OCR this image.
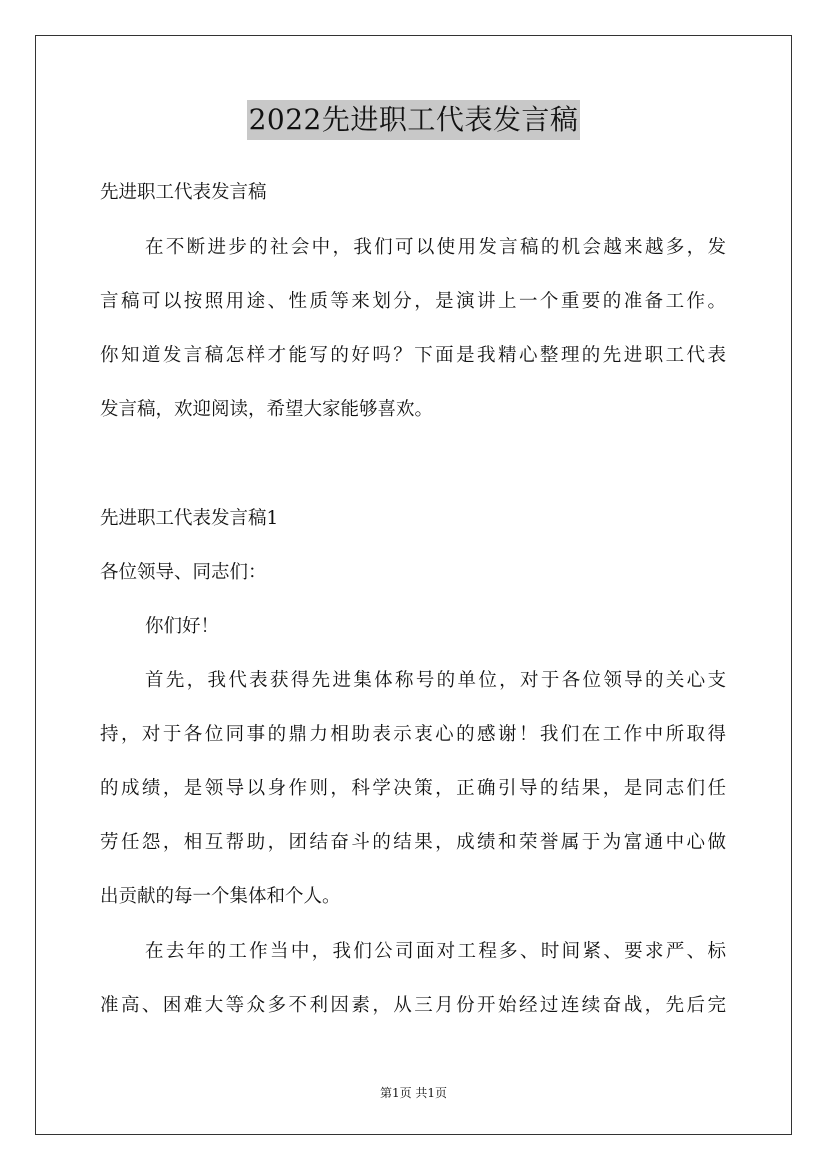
2022先进职工代表发言稿
先进职工代表发言稿
在不断进步的社会中，我们可以使用发言稿的机会越来越多，发
言稿可以按照用途、性质等来划分，是演讲上一个重要的准备工作。
你知道发言稿怎样才能写的好吗？下面是我精心整理的先进职工代表
发言稿，欢迎阅读，希望大家能够喜欢。
先进职工代表发言稿1
各位领导、同志们：
你们好！
首先，我代表获得先进集体称号的单位，对于各位领导的关心支
持，对于各位同事的鼎力相助表示衷心的感谢！我们在工作中所取得
的成绩，是领导以身作则，科学决策，正确引导的结果，是同志们任
劳任怨，相互帮助，团结奋斗的结果，成绩和荣誉属于为富通中心做
出贡献的每一个集体和个人。
在去年的工作当中，我们公司面对工程多、时间紧、要求严、标
准高、困难大等众多不利因素，从三月份开始经过连续奋战，先后完
第1页 共1页
